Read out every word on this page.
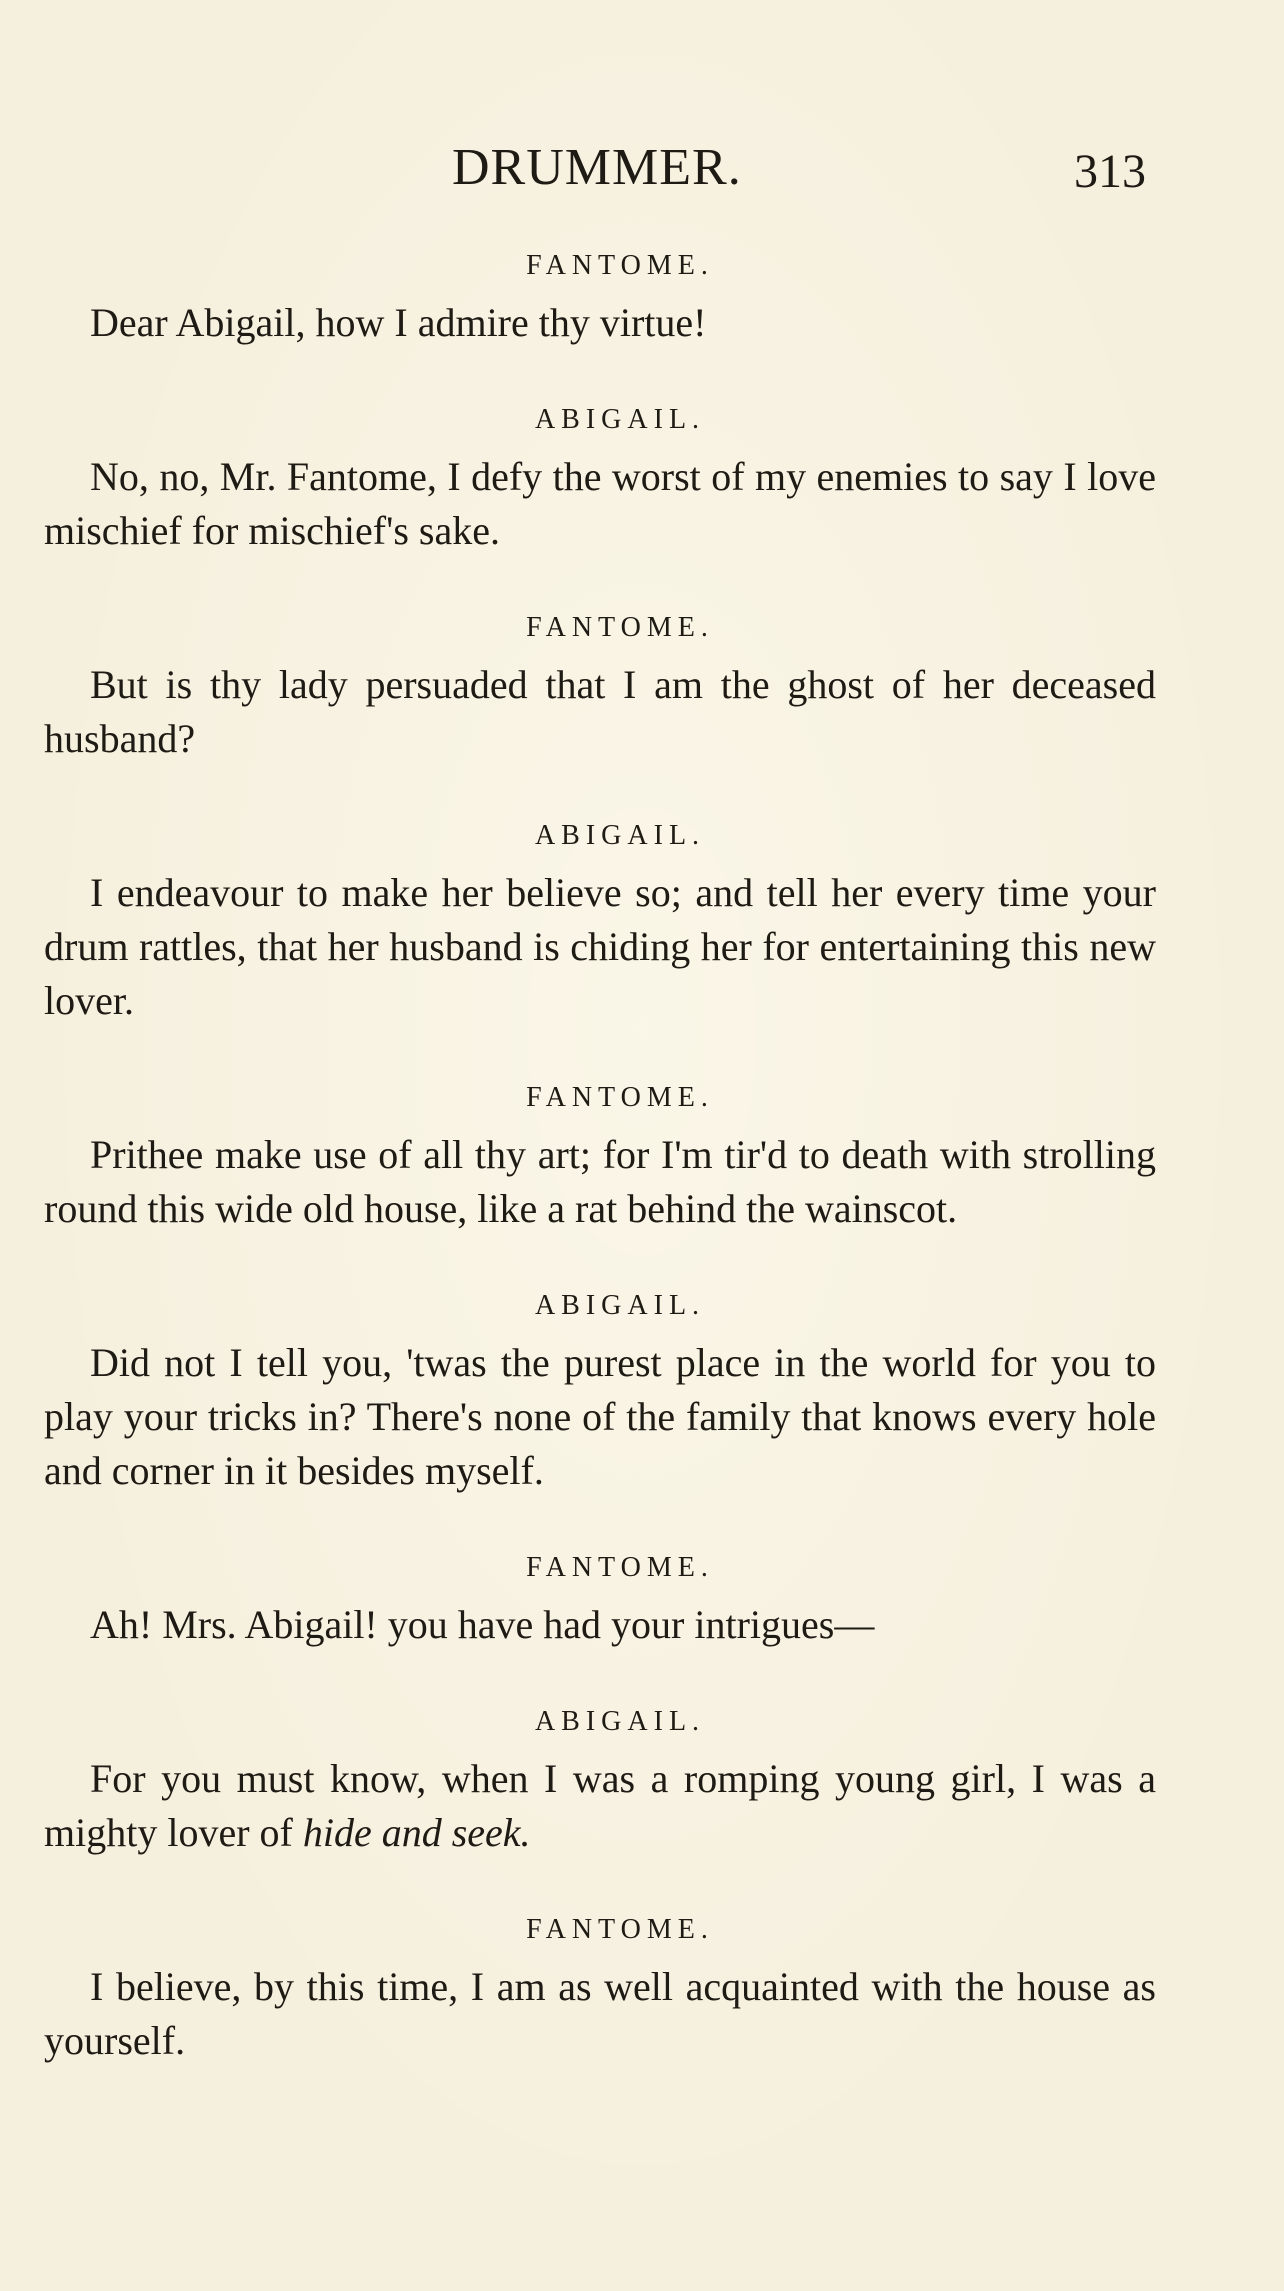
DRUMMER.	313
FANTOME.

Dear Abigail, how I admire thy virtue!

ABIGAIL.

No, no, Mr. Fantome, I defy the worst of my enemies to say I love mischief for mischief's sake.

FANTOME.

But is thy lady persuaded that I am the ghost of her deceased husband?

ABIGAIL.

I endeavour to make her believe so; and tell her every time your drum rattles, that her husband is chiding her for entertaining this new lover.

FANTOME.

Prithee make use of all thy art; for I'm tir'd to death with strolling round this wide old house, like a rat behind the wainscot.

ABIGAIL.

Did not I tell you, 'twas the purest place in the world for you to play your tricks in? There's none of the family that knows every hole and corner in it besides myself.

FANTOME.

Ah! Mrs. Abigail! you have had your intrigues—

ABIGAIL.

For you must know, when I was a romping young girl, I was a mighty lover of hide and seek.

FANTOME.

I believe, by this time, I am as well acquainted with the house as yourself.
